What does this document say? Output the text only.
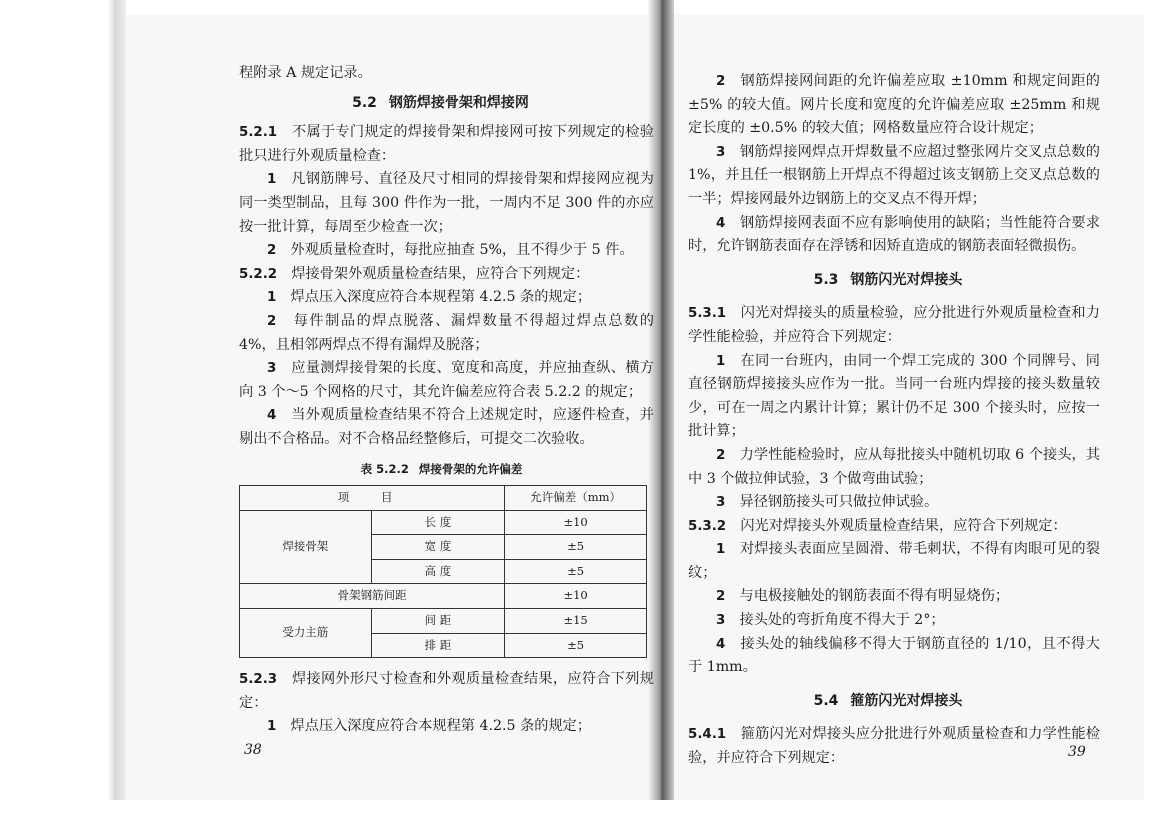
程附录 A 规定记录。

5.2 钢筋焊接骨架和焊接网

5.2.1　 不属于专门规定的焊接骨架和焊接网可按下列规定的检验批只进行外观质量检查：

1　 凡钢筋牌号、直径及尺寸相同的焊接骨架和焊接网应视为同一类型制品，且每 300 件作为一批，一周内不足 300 件的亦应按一批计算，每周至少检查一次；

2　 外观质量检查时，每批应抽查 5%，且不得少于 5 件。

5.2.2　 焊接骨架外观质量检查结果，应符合下列规定：

1　 焊点压入深度应符合本规程第 4.2.5 条的规定；

2　 每件制品的焊点脱落、漏焊数量不得超过焊点总数的 4%，且相邻两焊点不得有漏焊及脱落；

3　 应量测焊接骨架的长度、宽度和高度，并应抽查纵、横方向 3 个～5 个网格的尺寸，其允许偏差应符合表 5.2.2 的规定；

4　 当外观质量检查结果不符合上述规定时，应逐件检查，并剔出不合格品。对不合格品经整修后，可提交二次验收。

表 5.2.2 焊接骨架的允许偏差

项 目		允许偏差（mm）
焊接骨架	长 度	±10
	宽 度	±5
	高 度	±5
骨架钢筋间距		±10
受力主筋	间 距	±15
	排 距	±5

5.2.3　 焊接网外形尺寸检查和外观质量检查结果，应符合下列规定：

1　 焊点压入深度应符合本规程第 4.2.5 条的规定；

38

2　 钢筋焊接网间距的允许偏差应取 ±10mm 和规定间距的 ±5% 的较大值。网片长度和宽度的允许偏差应取 ±25mm 和规定长度的 ±0.5% 的较大值；网格数量应符合设计规定；

3　 钢筋焊接网焊点开焊数量不应超过整张网片交叉点总数的 1%，并且任一根钢筋上开焊点不得超过该支钢筋上交叉点总数的一半；焊接网最外边钢筋上的交叉点不得开焊；

4　 钢筋焊接网表面不应有影响使用的缺陷；当性能符合要求时，允许钢筋表面存在浮锈和因矫直造成的钢筋表面轻微损伤。

5.3 钢筋闪光对焊接头

5.3.1　 闪光对焊接头的质量检验，应分批进行外观质量检查和力学性能检验，并应符合下列规定：

1　 在同一台班内，由同一个焊工完成的 300 个同牌号、同直径钢筋焊接接头应作为一批。当同一台班内焊接的接头数量较少，可在一周之内累计计算；累计仍不足 300 个接头时，应按一批计算；

2　 力学性能检验时，应从每批接头中随机切取 6 个接头，其中 3 个做拉伸试验，3 个做弯曲试验；

3　 异径钢筋接头可只做拉伸试验。

5.3.2　 闪光对焊接头外观质量检查结果，应符合下列规定：

1　 对焊接头表面应呈圆滑、带毛刺状，不得有肉眼可见的裂纹；

2　 与电极接触处的钢筋表面不得有明显烧伤；

3　 接头处的弯折角度不得大于 2°；

4　 接头处的轴线偏移不得大于钢筋直径的 1/10，且不得大于 1mm。

5.4 箍筋闪光对焊接头

5.4.1　 箍筋闪光对焊接头应分批进行外观质量检查和力学性能检验，并应符合下列规定：	39
